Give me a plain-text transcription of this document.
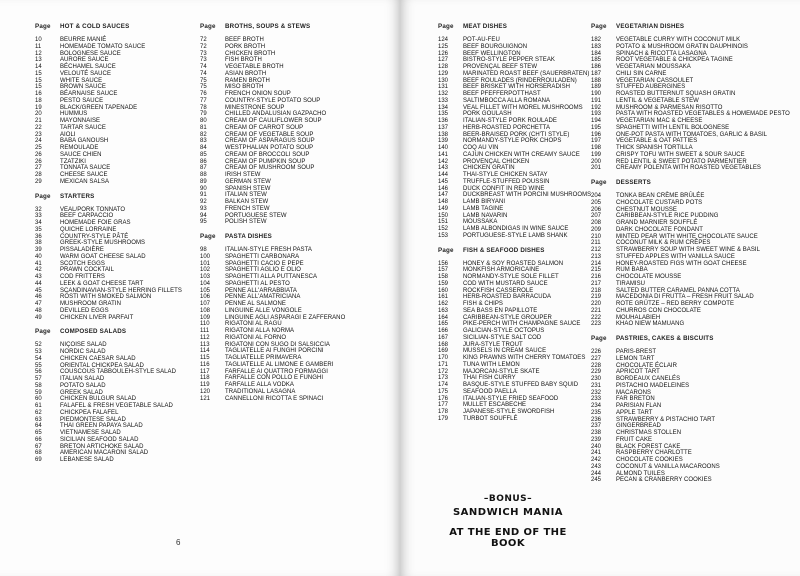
Page	HOT & COLD SAUCES
10	BEURRE MANIÉ
11	HOMEMADE TOMATO SAUCE
12	BOLOGNESE SAUCE
13	AURORE SAUCE
14	BÉCHAMEL SAUCE
15	VELOUTÉ SAUCE
15	WHITE SAUCE
15	BROWN SAUCE
16	BÉARNAISE SAUCE
18	PESTO SAUCE
19	BLACK/GREEN TAPENADE
20	HUMMUS
21	MAYONNAISE
22	TARTAR SAUCE
23	AIOLI
24	BABA GANOUSH
25	REMOULADE
26	SAUCE CHIEN
26	TZATZIKI
27	TONNATA SAUCE
28	CHEESE SAUCE
29	MEXICAN SALSA
Page	STARTERS
32	VEAL/PORK TONNATO
33	BEEF CARPACCIO
34	HOMEMADE FOIE GRAS
35	QUICHE LORRAINE
36	COUNTRY-STYLE PÂTÉ
38	GREEK-STYLE MUSHROOMS
39	PISSALADIÈRE
40	WARM GOAT CHEESE SALAD
41	SCOTCH EGGS
42	PRAWN COCKTAIL
43	COD FRITTERS
44	LEEK & GOAT CHEESE TART
45	SCANDINAVIAN-STYLE HERRING FILLETS
46	RÖSTI WITH SMOKED SALMON
47	MUSHROOM GRATIN
48	DEVILLED EGGS
49	CHICKEN LIVER PARFAIT
Page	COMPOSED SALADS
52	NIÇOISE SALAD
53	NORDIC SALAD
54	CHICKEN CAESAR SALAD
55	ORIENTAL CHICKPEA SALAD
56	COUSCOUS TABBOULEH-STYLE SALAD
57	ITALIAN SALAD
58	POTATO SALAD
59	GREEK SALAD
60	CHICKEN BULGUR SALAD
61	FALAFEL & FRESH VEGETABLE SALAD
62	CHICKPEA FALAFEL
63	PIEDMONTESE SALAD
64	THAI GREEN PAPAYA SALAD
65	VIETNAMESE SALAD
66	SICILIAN SEAFOOD SALAD
67	BRETON ARTICHOKE SALAD
68	AMERICAN MACARONI SALAD
69	LEBANESE SALAD
Page	BROTHS, SOUPS & STEWS
72	BEEF BROTH
72	PORK BROTH
73	CHICKEN BROTH
73	FISH BROTH
74	VEGETABLE BROTH
74	ASIAN BROTH
75	RAMEN BROTH
75	MISO BROTH
76	FRENCH ONION SOUP
77	COUNTRY-STYLE POTATO SOUP
78	MINESTRONE SOUP
79	CHILLED ANDALUSIAN GAZPACHO
80	CREAM OF CAULIFLOWER SOUP
81	CREAM OF CARROT SOUP
82	CREAM OF VEGETABLE SOUP
83	CREAM OF ASPARAGUS SOUP
84	WESTPHALIAN POTATO SOUP
85	CREAM OF BROCCOLI SOUP
86	CREAM OF PUMPKIN SOUP
87	CREAM OF MUSHROOM SOUP
88	IRISH STEW
89	GERMAN STEW
90	SPANISH STEW
91	ITALIAN STEW
92	BALKAN STEW
93	FRENCH STEW
94	PORTUGUESE STEW
95	POLISH STEW
Page	PASTA DISHES
98	ITALIAN-STYLE FRESH PASTA
100	SPAGHETTI CARBONARA
101	SPAGHETTI CACIO E PEPE
102	SPAGHETTI AGLIO E OLIO
103	SPAGHETTI ALLA PUTTANESCA
104	SPAGHETTI AL PESTO
105	PENNE ALL'ARRABBIATA
106	PENNE ALL'AMATRICIANA
107	PENNE AL SALMONE
108	LINGUINE ALLE VONGOLE
109	LINGUINE AGLI ASPARAGI E ZAFFERANO
110	RIGATONI AL RAGÙ
111	RIGATONI ALLA NORMA
112	RIGATONI AL FORNO
113	RIGATONI CON SUGO DI SALSICCIA
114	TAGLIATELLE AI FUNGHI PORCINI
115	TAGLIATELLE PRIMAVERA
116	TAGLIATELLE AL LIMONE E GAMBERI
117	FARFALLE AI QUATTRO FORMAGGI
118	FARFALLE CON POLLO E FUNGHI
119	FARFALLE ALLA VODKA
120	TRADITIONAL LASAGNA
121	CANNELLONI RICOTTA E SPINACI
6
Page	MEAT DISHES
124	POT-AU-FEU
125	BEEF BOURGUIGNON
126	BEEF WELLINGTON
127	BISTRO-STYLE PEPPER STEAK
128	PROVENÇAL BEEF STEW
129	MARINATED ROAST BEEF (SAUERBRATEN)
130	BEEF ROULADES (RINDERROULADEN)
131	BEEF BRISKET WITH HORSERADISH
132	BEEF PFEFFERPOTTHAST
133	SALTIMBOCCA ALLA ROMANA
134	VEAL FILLET WITH MOREL MUSHROOMS
135	PORK GOULASH
136	ITALIAN-STYLE PORK ROULADE
137	HERB-ROASTED PORCHETTA
138	BEER-BRAISED PORK (CH'TI STYLE)
139	NORMANDY-STYLE PORK CHOPS
140	COQ AU VIN
141	CAJUN CHICKEN WITH CREAMY SAUCE
142	PROVENÇAL CHICKEN
143	CHICKEN GRATIN
144	THAI-STYLE CHICKEN SATAY
145	TRUFFLE-STUFFED POUSSIN
146	DUCK CONFIT IN RED WINE
147	DUCKBREAST WITH PORCINI MUSHROOMS
148	LAMB BIRYANI
149	LAMB TAGINE
150	LAMB NAVARIN
151	MOUSSAKA
152	LAMB ALBONDIGAS IN WINE SAUCE
153	PORTUGUESE-STYLE LAMB SHANK
Page	FISH & SEAFOOD DISHES
156	HONEY & SOY ROASTED SALMON
157	MONKFISH ARMORICAINE
158	NORMANDY-STYLE SOLE FILLET
159	COD WITH MUSTARD SAUCE
160	ROCKFISH CASSEROLE
161	HERB-ROASTED BARRACUDA
162	FISH & CHIPS
163	SEA BASS EN PAPILLOTE
164	CARIBBEAN-STYLE GROUPER
165	PIKE-PERCH WITH CHAMPAGNE SAUCE
166	GALICIAN-STYLE OCTOPUS
167	SICILIAN-STYLE SALT COD
168	JURA-STYLE TROUT
169	MUSSELS IN CREAM SAUCE
170	KING PRAWNS WITH CHERRY TOMATOES
171	TUNA WITH LEMON
172	MAJORCAN-STYLE SKATE
173	THAI FISH CURRY
174	BASQUE-STYLE STUFFED BABY SQUID
175	SEAFOOD PAELLA
176	ITALIAN-STYLE FRIED SEAFOOD
177	MULLET ESCABECHE
178	JAPANESE-STYLE SWORDFISH
179	TURBOT SOUFFLÉ
Page	VEGETARIAN DISHES
182	VEGETABLE CURRY WITH COCONUT MILK
183	POTATO & MUSHROOM GRATIN DAUPHINOIS
184	SPINACH & RICOTTA LASAGNA
185	ROOT VEGETABLE & CHICKPEA TAGINE
186	VEGETARIAN MOUSSAKA
187	CHILI SIN CARNE
188	VEGETARIAN CASSOULET
189	STUFFED AUBERGINES
190	ROASTED BUTTERNUT SQUASH GRATIN
191	LENTIL & VEGETABLE STEW
192	MUSHROOM & PARMESAN RISOTTO
193	PASTA WITH ROASTED VEGETABLES & HOMEMADE PESTO
194	VEGETARIAN MAC & CHEESE
195	SPAGHETTI WITH LENTIL BOLOGNESE
196	ONE-POT PASTA WITH TOMATOES, GARLIC & BASIL
197	VEGETABLE & OAT PATTIES
198	THICK SPANISH TORTILLA
199	CRISPY TOFU WITH SWEET & SOUR SAUCE
200	RED LENTIL & SWEET POTATO PARMENTIER
201	CREAMY POLENTA WITH ROASTED VEGETABLES
Page	DESSERTS
204	TONKA BEAN CRÈME BRÛLÉE
205	CHOCOLATE CUSTARD POTS
206	CHESTNUT MOUSSE
207	CARIBBEAN-STYLE RICE PUDDING
208	GRAND MARNIER SOUFFLÉ
209	DARK CHOCOLATE FONDANT
210	MINTED PEAR WITH WHITE CHOCOLATE SAUCE
211	COCONUT MILK & RUM CRÊPES
212	STRAWBERRY SOUP WITH SWEET WINE & BASIL
213	STUFFED APPLES WITH VANILLA SAUCE
214	HONEY-ROASTED FIGS WITH GOAT CHEESE
215	RUM BABA
216	CHOCOLATE MOUSSE
217	TIRAMISU
218	SALTED BUTTER CARAMEL PANNA COTTA
219	MACEDONIA DI FRUTTA – FRESH FRUIT SALAD
220	ROTE GRÜTZE – RED BERRY COMPOTE
221	CHURROS CON CHOCOLATE
222	MOUHALABIEH
223	KHAO NIEW MAMUANG
Page	PASTRIES, CAKES & BISCUITS
226	PARIS-BREST
227	LEMON TART
228	CHOCOLATE ÉCLAIR
229	APRICOT TART
230	BORDEAUX CANELÉS
231	PISTACHIO MADELEINES
232	MACARONS
233	FAR BRETON
234	PARISIAN FLAN
235	APPLE TART
236	STRAWBERRY & PISTACHIO TART
237	GINGERBREAD
238	CHRISTMAS STOLLEN
239	FRUIT CAKE
240	BLACK FOREST CAKE
241	RASPBERRY CHARLOTTE
242	CHOCOLATE COOKIES
243	COCONUT & VANILLA MACAROONS
244	ALMOND TUILES
245	PECAN & CRANBERRY COOKIES
–BONUS–
SANDWICH MANIA
AT THE END OF THE BOOK
